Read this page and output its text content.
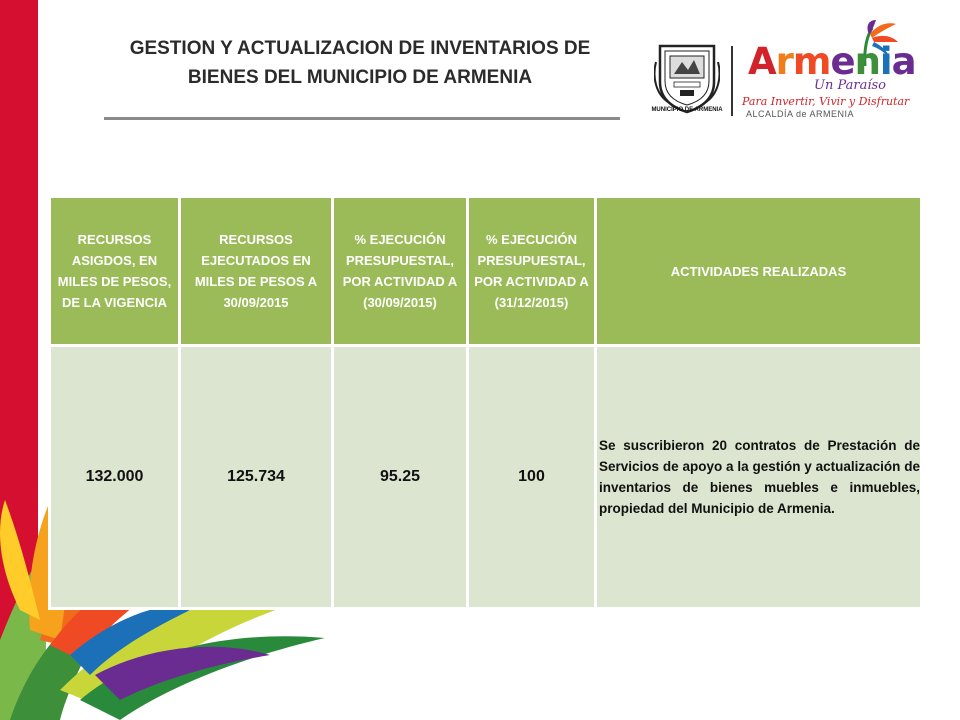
GESTION Y ACTUALIZACION DE INVENTARIOS DE
BIENES DEL MUNICIPIO DE ARMENIA
MUNICIPIO DE ARMENIA
Armenia
Un Paraíso
Para Invertir, Vivir y Disfrutar
ALCALDÍA de ARMENIA
RECURSOS ASIGDOS, EN MILES DE PESOS, DE LA VIGENCIA	RECURSOS EJECUTADOS EN MILES DE PESOS A 30/09/2015	% EJECUCIÓN PRESUPUESTAL, POR ACTIVIDAD A (30/09/2015)	% EJECUCIÓN PRESUPUESTAL, POR ACTIVIDAD A (31/12/2015)	ACTIVIDADES REALIZADAS
132.000	125.734	95.25	100	Se suscribieron 20 contratos de Prestación de Servicios de apoyo a la gestión y actualización de inventarios de bienes muebles e inmuebles, propiedad del Municipio de Armenia.
